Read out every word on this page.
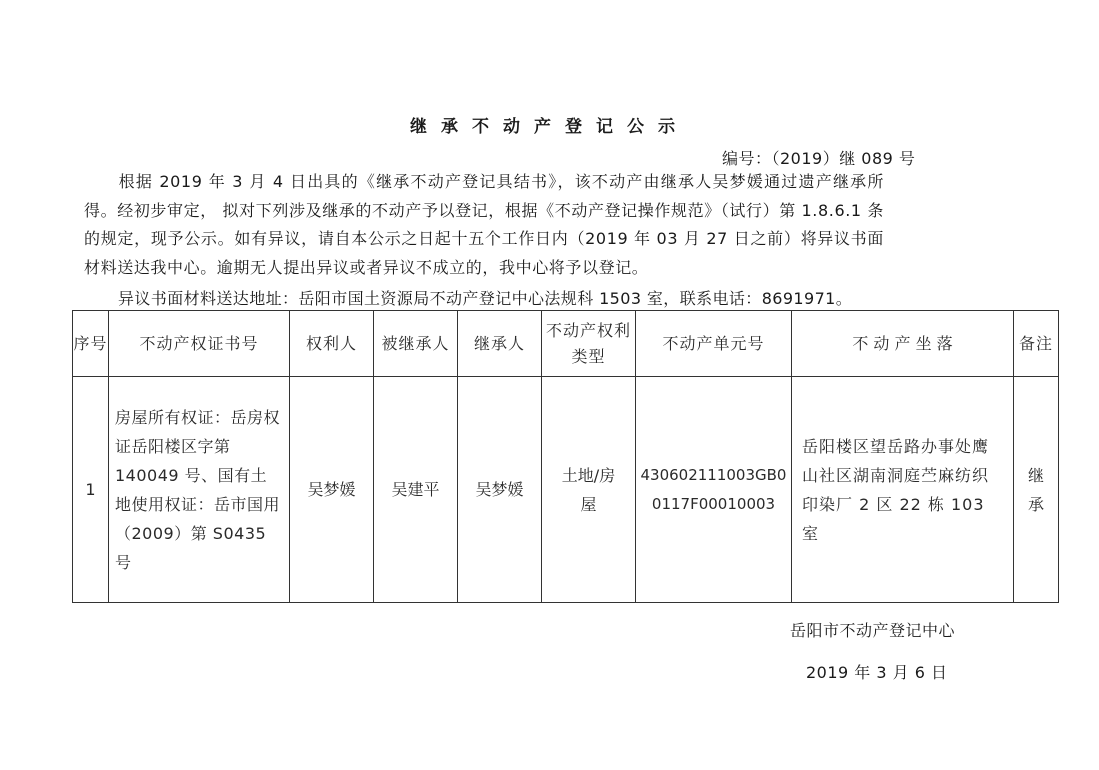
继承不动产登记公示
编号：（2019）继 089 号

根据 2019 年 3 月 4 日出具的《继承不动产登记具结书》，该不动产由继承人吴梦媛通过遗产继承所得。经初步审定， 拟对下列涉及继承的不动产予以登记，根据《不动产登记操作规范》（试行）第 1.8.6.1 条的规定，现予公示。如有异议，请自本公示之日起十五个工作日内（2019 年 03 月 27 日之前）将异议书面材料送达我中心。逾期无人提出异议或者异议不成立的，我中心将予以登记。

异议书面材料送达地址：岳阳市国土资源局不动产登记中心法规科 1503 室，联系电话：8691971。
序号	不动产权证书号	权利人	被继承人	继承人	不动产权利类型	不动产单元号	不 动 产 坐 落	备注
1	房屋所有权证：岳房权证岳阳楼区字第 140049 号、国有土地使用权证：岳市国用（2009）第 S0435 号	吴梦媛	吴建平	吴梦媛	土地/房屋	430602111003GB00117F00010003	岳阳楼区望岳路办事处鹰山社区湖南洞庭苎麻纺织印染厂 2 区 22 栋 103 室	继承
岳阳市不动产登记中心
2019 年 3 月 6 日
